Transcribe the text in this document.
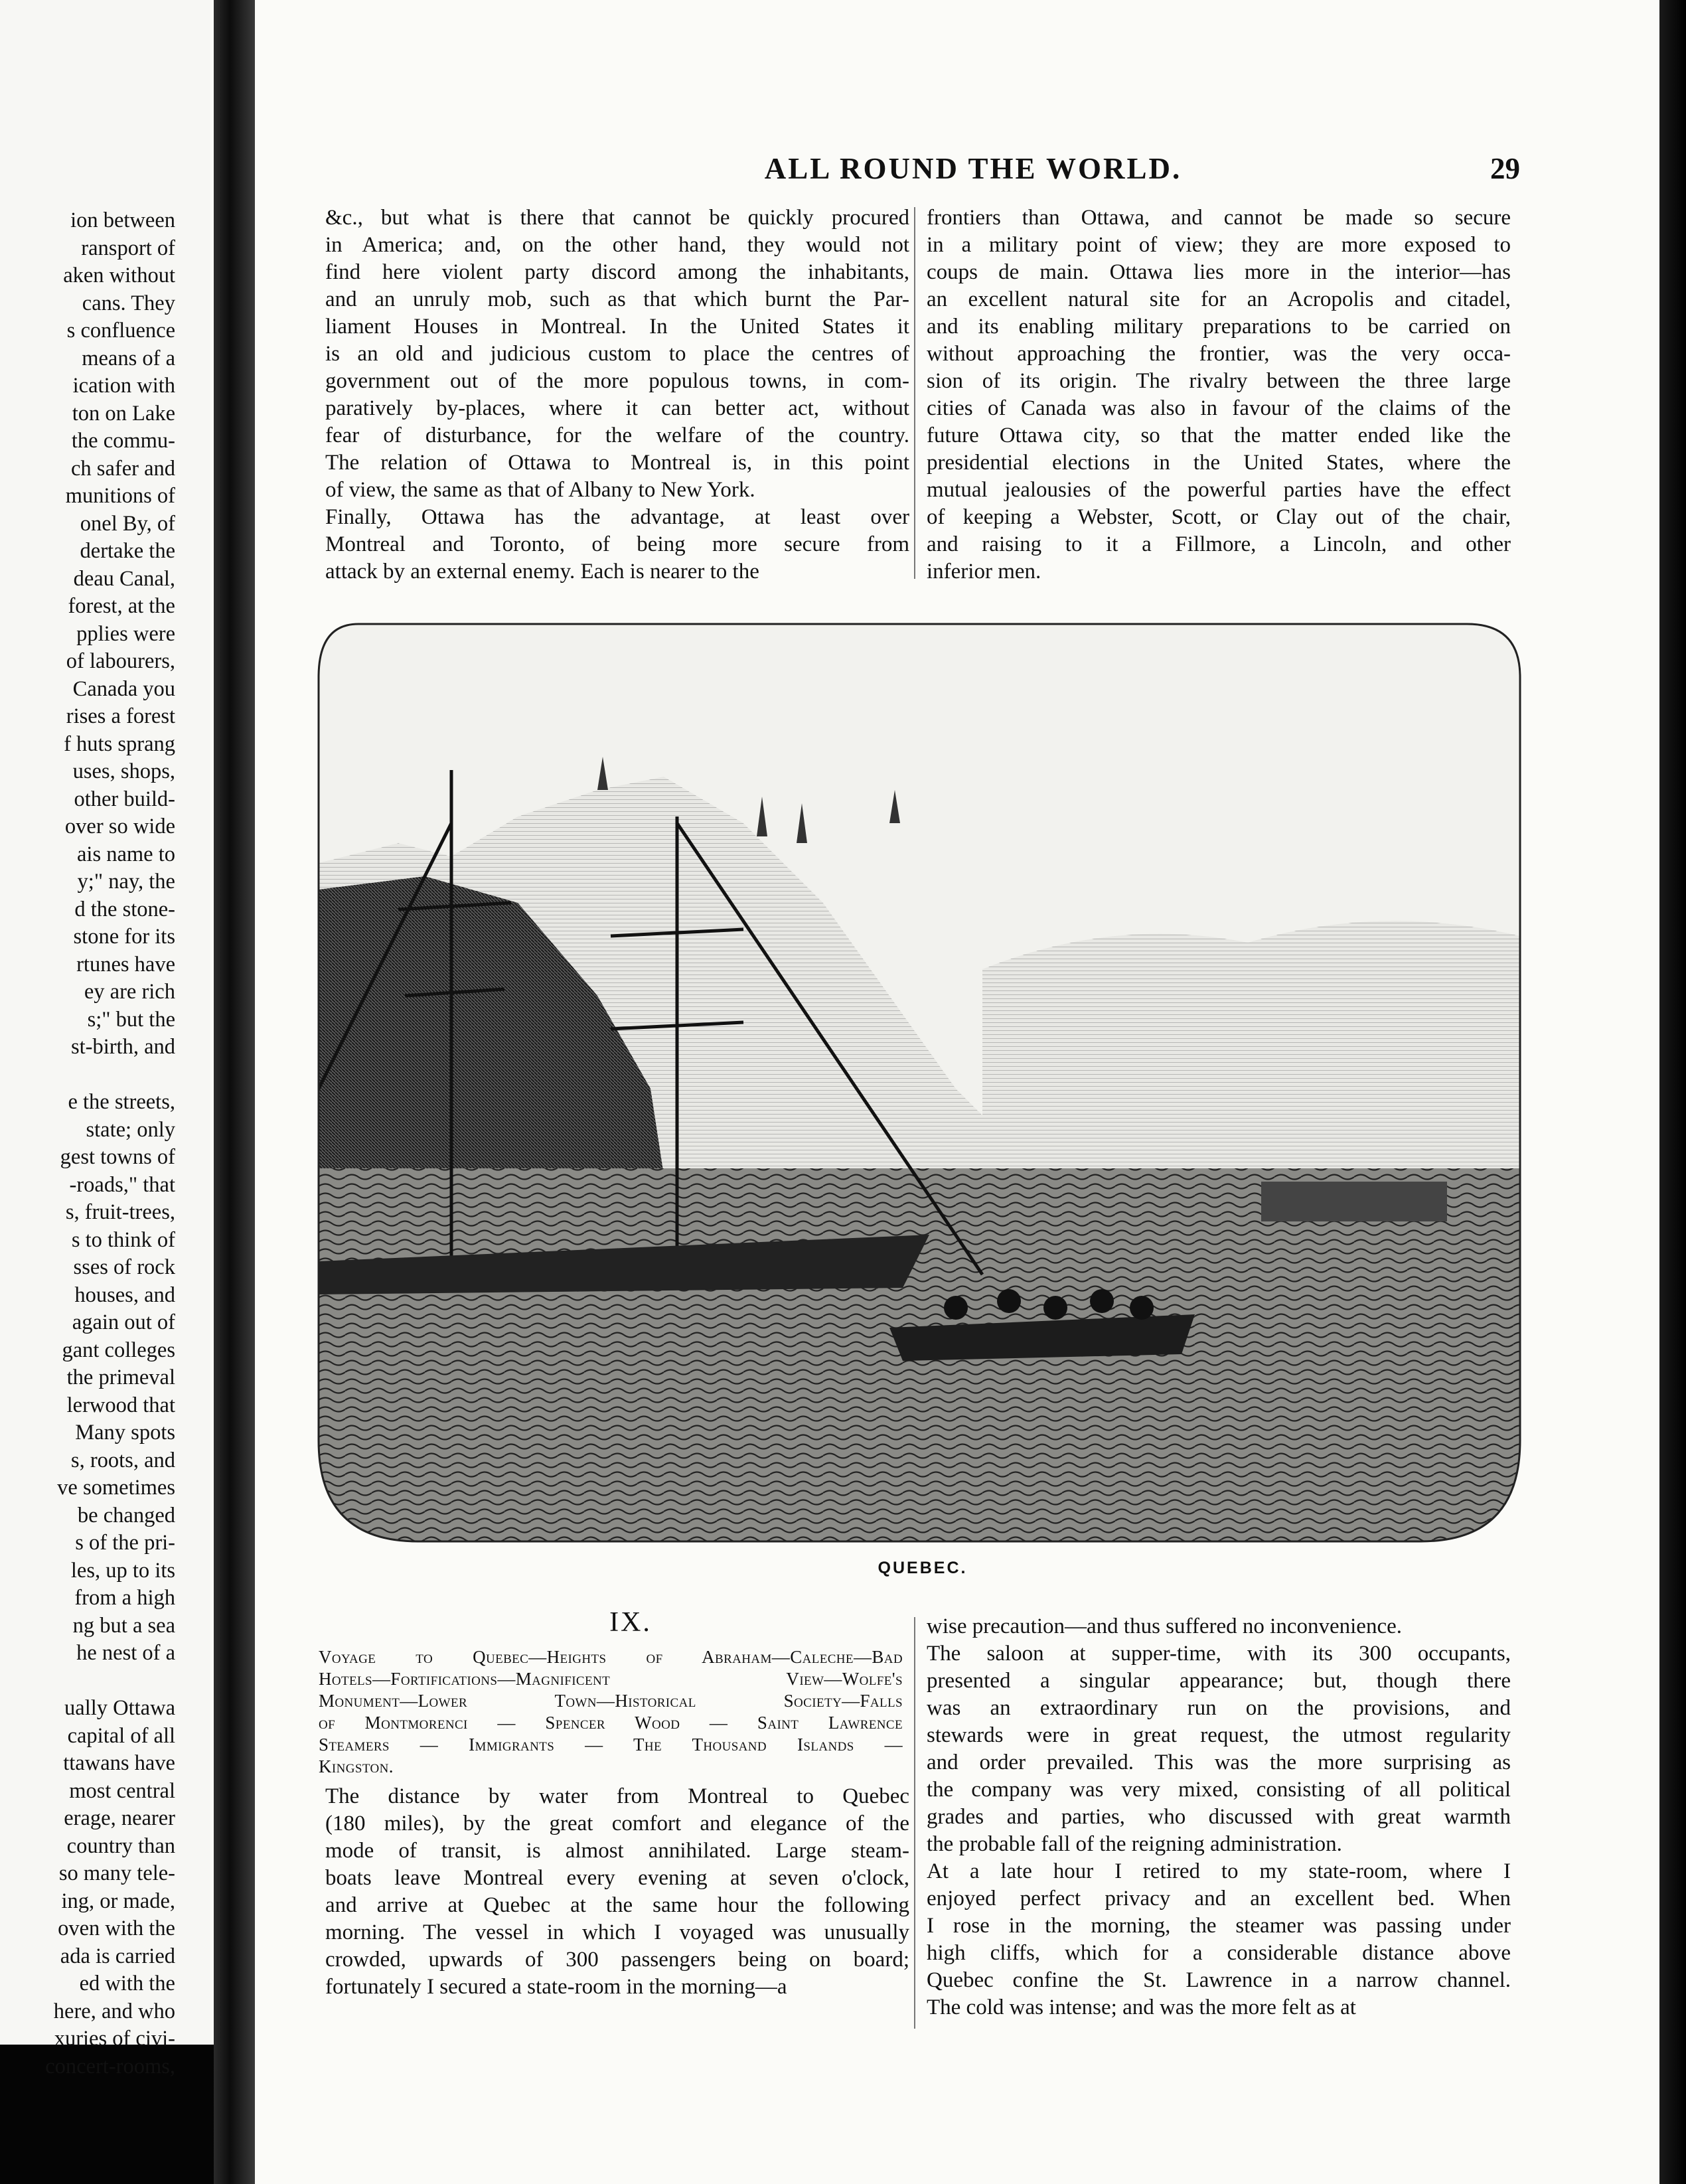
ion between
ransport of
aken without
cans. They
s confluence
means of a
ication with
ton on Lake
the commu-
ch safer and
munitions of
onel By, of
dertake the
deau Canal,
forest, at the
pplies were
of labourers,
Canada you
rises a forest
f huts sprang
uses, shops,
other build-
over so wide
ais name to
y;" nay, the
d the stone-
stone for its
rtunes have
ey are rich
s;" but the
st-birth, and
e the streets,
state; only
gest towns of
-roads," that
s, fruit-trees,
s to think of
sses of rock
houses, and
again out of
gant colleges
the primeval
lerwood that
Many spots
s, roots, and
ve sometimes
be changed
s of the pri-
les, up to its
from a high
ng but a sea
he nest of a
ually Ottawa
capital of all
ttawans have
most central
erage, nearer
country than
so many tele-
ing, or made,
oven with the
ada is carried
ed with the
here, and who
xuries of civi-
concert-rooms,
ALL ROUND THE WORLD.	29
&c., but what is there that cannot be quickly procured
in America; and, on the other hand, they would not
find here violent party discord among the inhabitants,
and an unruly mob, such as that which burnt the Par-
liament Houses in Montreal. In the United States it
is an old and judicious custom to place the centres of
government out of the more populous towns, in com-
paratively by-places, where it can better act, without
fear of disturbance, for the welfare of the country.
The relation of Ottawa to Montreal is, in this point
of view, the same as that of Albany to New York.
Finally, Ottawa has the advantage, at least over
Montreal and Toronto, of being more secure from
attack by an external enemy. Each is nearer to the
frontiers than Ottawa, and cannot be made so secure
in a military point of view; they are more exposed to
coups de main. Ottawa lies more in the interior—has
an excellent natural site for an Acropolis and citadel,
and its enabling military preparations to be carried on
without approaching the frontier, was the very occa-
sion of its origin. The rivalry between the three large
cities of Canada was also in favour of the claims of the
future Ottawa city, so that the matter ended like the
presidential elections in the United States, where the
mutual jealousies of the powerful parties have the effect
of keeping a Webster, Scott, or Clay out of the chair,
and raising to it a Fillmore, a Lincoln, and other
inferior men.
QUEBEC.
IX.
Voyage to Quebec—Heights of Abraham—Caleche—Bad
Hotels—Fortifications—Magnificent View—Wolfe's
Monument—Lower Town—Historical Society—Falls
of Montmorenci — Spencer Wood — Saint Lawrence
Steamers — Immigrants — The Thousand Islands —
Kingston.
The distance by water from Montreal to Quebec
(180 miles), by the great comfort and elegance of the
mode of transit, is almost annihilated. Large steam-
boats leave Montreal every evening at seven o'clock,
and arrive at Quebec at the same hour the following
morning. The vessel in which I voyaged was unusually
crowded, upwards of 300 passengers being on board;
fortunately I secured a state-room in the morning—a
wise precaution—and thus suffered no inconvenience.
The saloon at supper-time, with its 300 occupants,
presented a singular appearance; but, though there
was an extraordinary run on the provisions, and
stewards were in great request, the utmost regularity
and order prevailed. This was the more surprising as
the company was very mixed, consisting of all political
grades and parties, who discussed with great warmth
the probable fall of the reigning administration.
At a late hour I retired to my state-room, where I
enjoyed perfect privacy and an excellent bed. When
I rose in the morning, the steamer was passing under
high cliffs, which for a considerable distance above
Quebec confine the St. Lawrence in a narrow channel.
The cold was intense; and was the more felt as at
